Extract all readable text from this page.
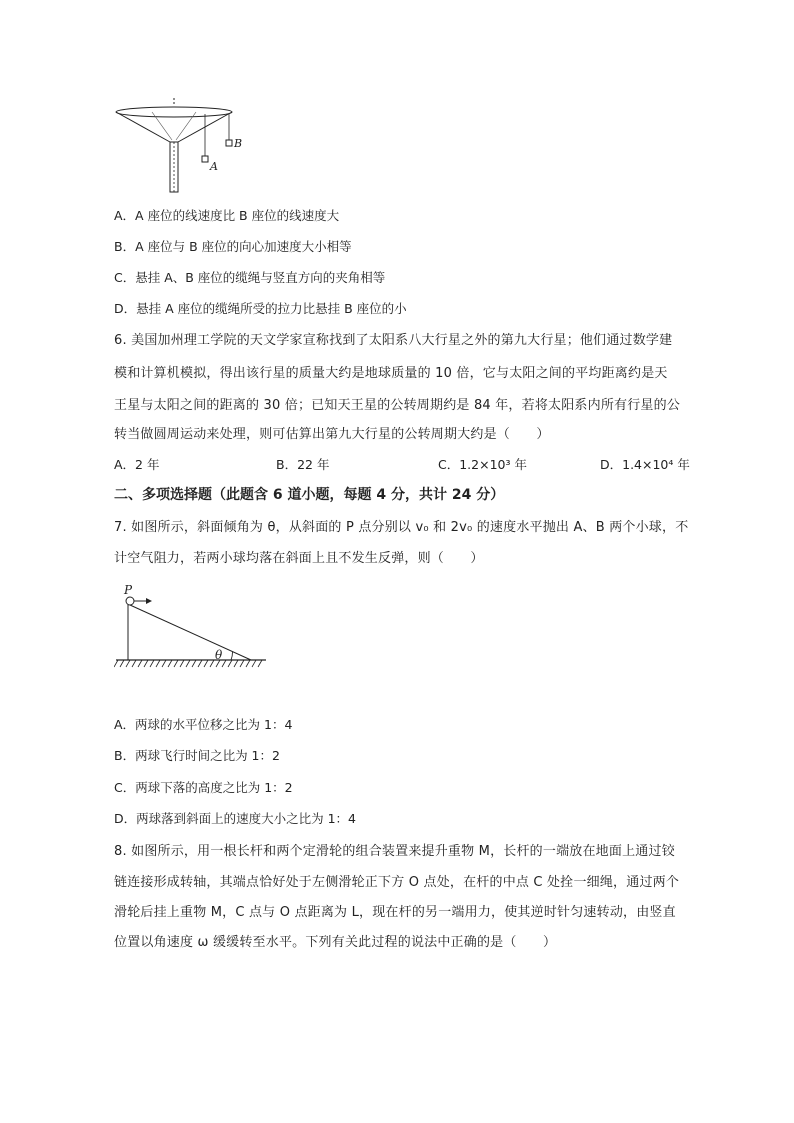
A
B
A．A 座位的线速度比 B 座位的线速度大
B．A 座位与 B 座位的向心加速度大小相等
C．悬挂 A、B 座位的缆绳与竖直方向的夹角相等
D．悬挂 A 座位的缆绳所受的拉力比悬挂 B 座位的小
6. 美国加州理工学院的天文学家宣称找到了太阳系八大行星之外的第九大行星；他们通过数学建
模和计算机模拟，得出该行星的质量大约是地球质量的 10 倍，它与太阳之间的平均距离约是天
王星与太阳之间的距离的 30 倍；已知天王星的公转周期约是 84 年，若将太阳系内所有行星的公
转当做圆周运动来处理，则可估算出第九大行星的公转周期大约是（　　）
A．2 年	B．22 年	C．1.2×10³ 年	D．1.4×10⁴ 年
二、多项选择题（此题含 6 道小题，每题 4 分，共计 24 分）
7. 如图所示，斜面倾角为 θ，从斜面的 P 点分别以 v₀ 和 2v₀ 的速度水平抛出 A、B 两个小球，不
计空气阻力，若两小球均落在斜面上且不发生反弹，则（　　）
P
θ
A．两球的水平位移之比为 1：4
B．两球飞行时间之比为 1：2
C．两球下落的高度之比为 1：2
D．两球落到斜面上的速度大小之比为 1：4
8. 如图所示，用一根长杆和两个定滑轮的组合装置来提升重物 M，长杆的一端放在地面上通过铰
链连接形成转轴，其端点恰好处于左侧滑轮正下方 O 点处，在杆的中点 C 处拴一细绳，通过两个
滑轮后挂上重物 M，C 点与 O 点距离为 L，现在杆的另一端用力，使其逆时针匀速转动，由竖直
位置以角速度 ω 缓缓转至水平。下列有关此过程的说法中正确的是（　　）
